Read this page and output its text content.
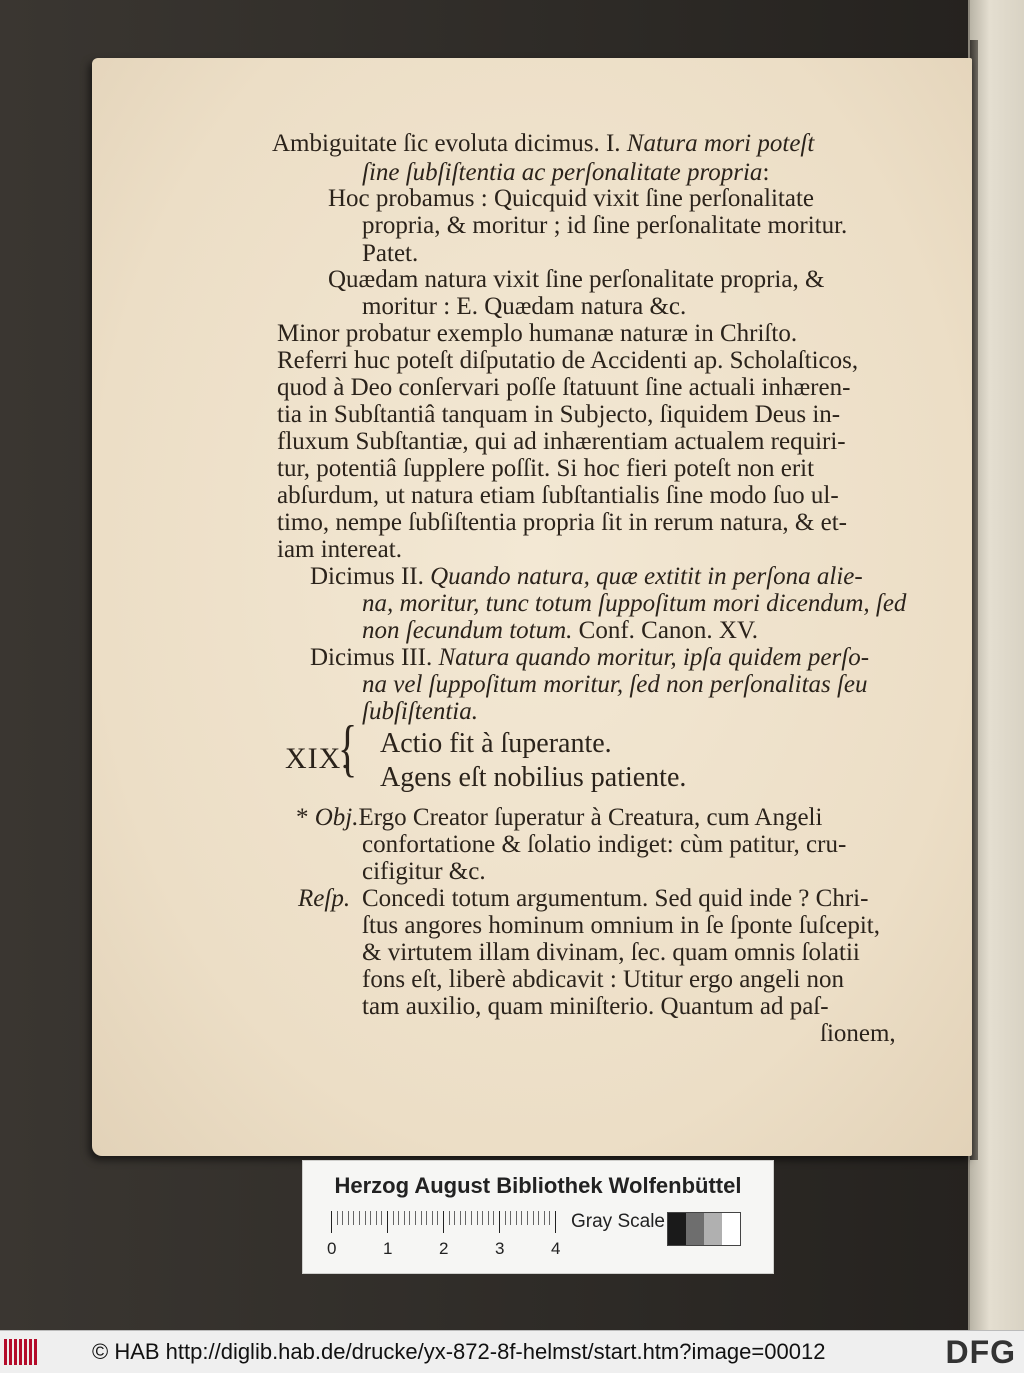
Ambiguitate ſic evoluta dicimus. I. Natura mori poteſt
ſine ſubſiſtentia ac perſonalitate propria:
Hoc probamus : Quicquid vixit ſine perſonalitate
propria, & moritur ; id ſine perſonalitate moritur.
Patet.
Quædam natura vixit ſine perſonalitate propria, &
moritur : E. Quædam natura &c.
Minor probatur exemplo humanæ naturæ in Chriſto.
Referri huc poteſt diſputatio de Accidenti ap. Scholaſticos,
quod à Deo conſervari poſſe ſtatuunt ſine actuali inhæren-
tia in Subſtantiâ tanquam in Subjecto, ſiquidem Deus in-
fluxum Subſtantiæ, qui ad inhærentiam actualem requiri-
tur, potentiâ ſupplere poſſit. Si hoc fieri poteſt non erit
abſurdum, ut natura etiam ſubſtantialis ſine modo ſuo ul-
timo, nempe ſubſiſtentia propria ſit in rerum natura, & et-
iam intereat.
Dicimus II. Quando natura, quæ extitit in perſona alie-
na, moritur, tunc totum ſuppoſitum mori dicendum, ſed
non ſecundum totum. Conf. Canon. XV.
Dicimus III. Natura quando moritur, ipſa quidem perſo-
na vel ſuppoſitum moritur, ſed non perſonalitas ſeu
ſubſiſtentia.
Actio fit à ſuperante.
Agens eſt nobilius patiente.
* Obj.Ergo Creator ſuperatur à Creatura, cum Angeli
confortatione & ſolatio indiget: cùm patitur, cru-
cifigitur &c.
Reſp. Concedi totum argumentum. Sed quid inde ? Chri-
ſtus angores hominum omnium in ſe ſponte ſuſcepit,
& virtutem illam divinam, ſec. quam omnis ſolatii
fons eſt, liberè abdicavit : Utitur ergo angeli non
tam auxilio, quam miniſterio. Quantum ad paſ-
ſionem,
XIX.
{
Herzog August Bibliothek Wolfenbüttel
0	1	2	3	4
Gray Scale
© HAB http://diglib.hab.de/drucke/yx-872-8f-helmst/start.htm?image=00012	DFG
